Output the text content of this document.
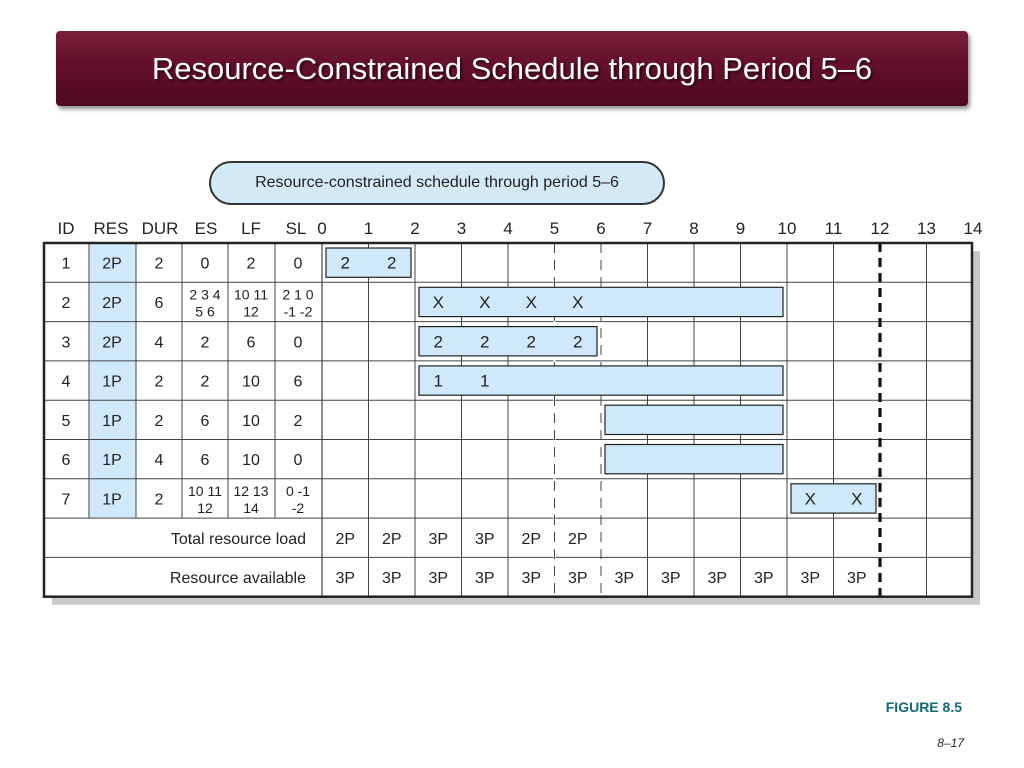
Resource-Constrained Schedule through Period 5–6
Resource-constrained schedule through period 5–6
ID RES DUR ES LF SL 0 1 2 3 4 5 6 7 8 9 10 11 12 13 14
2 2
1 2P 2 0 2 0
X X X X
2 2P 6
2 3 4
5 6
10 11
12
2 1 0
-1 -2
2 2 2 2
3 2P 4 2 6 0
1 1
4 1P 2 2 10 6
5 1P 2 6 10 2
6 1P 4 6 10 0
X X
7 1P 2
10 11
12
12 13
14
0 -1
-2
Total resource load
Resource available
2P 2P 3P 3P 2P 2P
3P 3P 3P 3P 3P 3P 3P 3P 3P 3P 3P 3P
FIGURE 8.5
8–17
